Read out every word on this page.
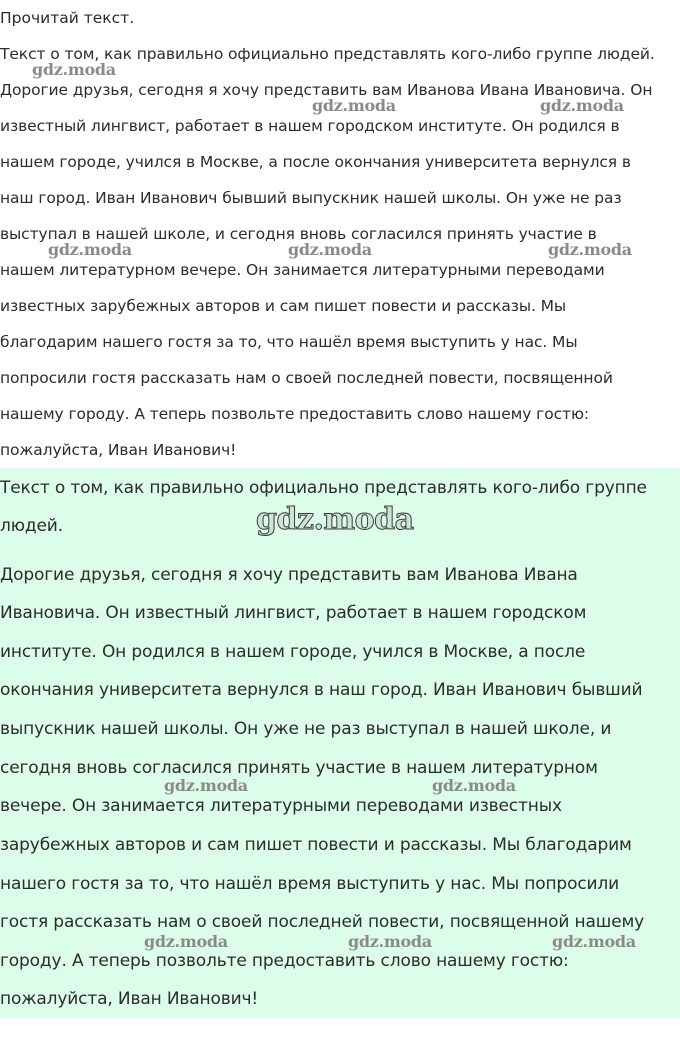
Прочитай текст.
Текст о том, как правильно официально представлять кого-либо группе людей.
Дорогие друзья, сегодня я хочу представить вам Иванова Ивана Ивановича. Он
известный лингвист, работает в нашем городском институте. Он родился в
нашем городе, учился в Москве, а после окончания университета вернулся в
наш город. Иван Иванович бывший выпускник нашей школы. Он уже не раз
выступал в нашей школе, и сегодня вновь согласился принять участие в
нашем литературном вечере. Он занимается литературными переводами
известных зарубежных авторов и сам пишет повести и рассказы. Мы
благодарим нашего гостя за то, что нашёл время выступить у нас. Мы
попросили гостя рассказать нам о своей последней повести, посвященной
нашему городу. А теперь позвольте предоставить слово нашему гостю:
пожалуйста, Иван Иванович!
Текст о том, как правильно официально представлять кого-либо группе
людей.
Дорогие друзья, сегодня я хочу представить вам Иванова Ивана
Ивановича. Он известный лингвист, работает в нашем городском
институте. Он родился в нашем городе, учился в Москве, а после
окончания университета вернулся в наш город. Иван Иванович бывший
выпускник нашей школы. Он уже не раз выступал в нашей школе, и
сегодня вновь согласился принять участие в нашем литературном
вечере. Он занимается литературными переводами известных
зарубежных авторов и сам пишет повести и рассказы. Мы благодарим
нашего гостя за то, что нашёл время выступить у нас. Мы попросили
гостя рассказать нам о своей последней повести, посвященной нашему
городу. А теперь позвольте предоставить слово нашему гостю:
пожалуйста, Иван Иванович!
gdz.moda
gdz.moda	gdz.moda
gdz.moda	gdz.moda	gdz.moda
gdz.moda
gdz.moda	gdz.moda
gdz.moda	gdz.moda	gdz.moda
